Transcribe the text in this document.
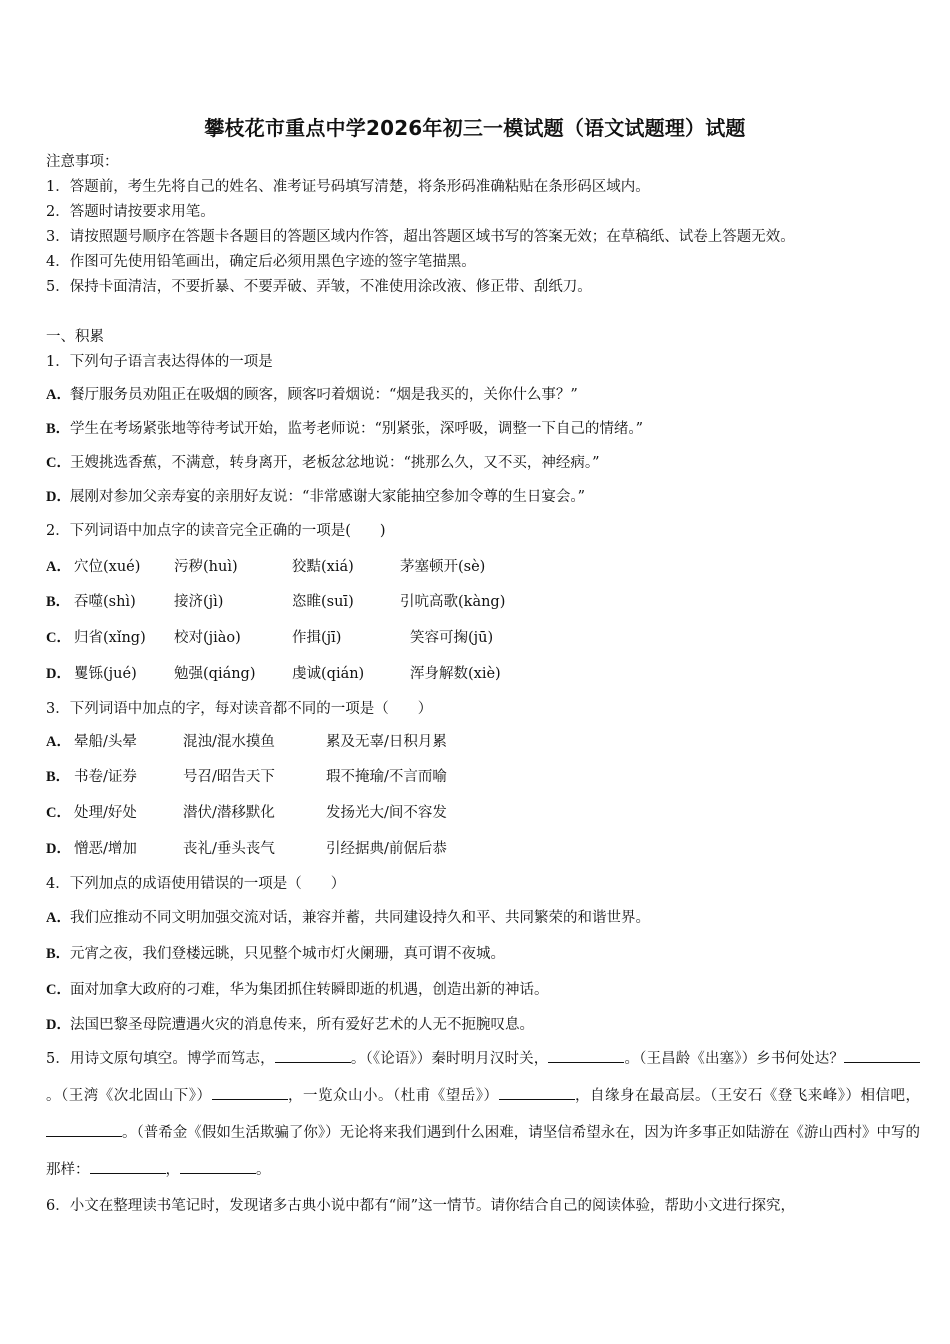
攀枝花市重点中学2026年初三一模试题（语文试题理）试题
注意事项：
1．答题前，考生先将自己的姓名、准考证号码填写清楚，将条形码准确粘贴在条形码区域内。
2．答题时请按要求用笔。
3．请按照题号顺序在答题卡各题目的答题区域内作答，超出答题区域书写的答案无效；在草稿纸、试卷上答题无效。
4．作图可先使用铅笔画出，确定后必须用黑色字迹的签字笔描黑。
5．保持卡面清洁，不要折暴、不要弄破、弄皱，不准使用涂改液、修正带、刮纸刀。
一、积累
1．下列句子语言表达得体的一项是
A．餐厅服务员劝阻正在吸烟的顾客，顾客叼着烟说：“烟是我买的，关你什么事？”
B．学生在考场紧张地等待考试开始，监考老师说：“别紧张，深呼吸，调整一下自己的情绪。”
C．王嫂挑选香蕉，不满意，转身离开，老板忿忿地说：“挑那么久，又不买，神经病。”
D．展刚对参加父亲寿宴的亲朋好友说：“非常感谢大家能抽空参加令尊的生日宴会。”
2．下列词语中加点字的读音完全正确的一项是(　　)
A． 穴位(xué) 污秽(huì)	狡黠(xiá)	茅塞顿开(sè)
B． 吞噬(shì)	接济(jì)	恣睢(suī)	引吭高歌(kàng)
C． 归省(xǐng) 校对(jiào)	作揖(jī)	笑容可掬(jū)
D． 矍铄(jué)	勉强(qiáng)	虔诚(qián)	浑身解数(xiè)
3．下列词语中加点的字，每对读音都不同的一项是（　　）
A． 晕船/头晕	混浊/混水摸鱼	累及无辜/日积月累
B． 书卷/证券	号召/昭告天下	瑕不掩瑜/不言而喻
C． 处理/好处	潜伏/潜移默化	发扬光大/间不容发
D． 憎恶/增加	丧礼/垂头丧气	引经据典/前倨后恭
4．下列加点的成语使用错误的一项是（　　）
A．我们应推动不同文明加强交流对话，兼容并蓄，共同建设持久和平、共同繁荣的和谐世界。
B．元宵之夜，我们登楼远眺，只见整个城市灯火阑珊，真可谓不夜城。
C．面对加拿大政府的刁难，华为集团抓住转瞬即逝的机遇，创造出新的神话。
D．法国巴黎圣母院遭遇火灾的消息传来，所有爱好艺术的人无不扼腕叹息。
5．用诗文原句填空。博学而笃志，	。（《论语》）秦时明月汉时关，	。（王昌龄《出塞》）乡书何处达？。（王湾《次北固山下》）	，一览众山小。（杜甫《望岳》）	，自缘身在最高层。（王安石《登飞来峰》）相信吧，。（普希金《假如生活欺骗了你》）无论将来我们遇到什么困难，请坚信希望永在，因为许多事正如陆游在《游山西村》中写的那样：	，	。
6．小文在整理读书笔记时，发现诸多古典小说中都有“闹”这一情节。请你结合自己的阅读体验，帮助小文进行探究，
